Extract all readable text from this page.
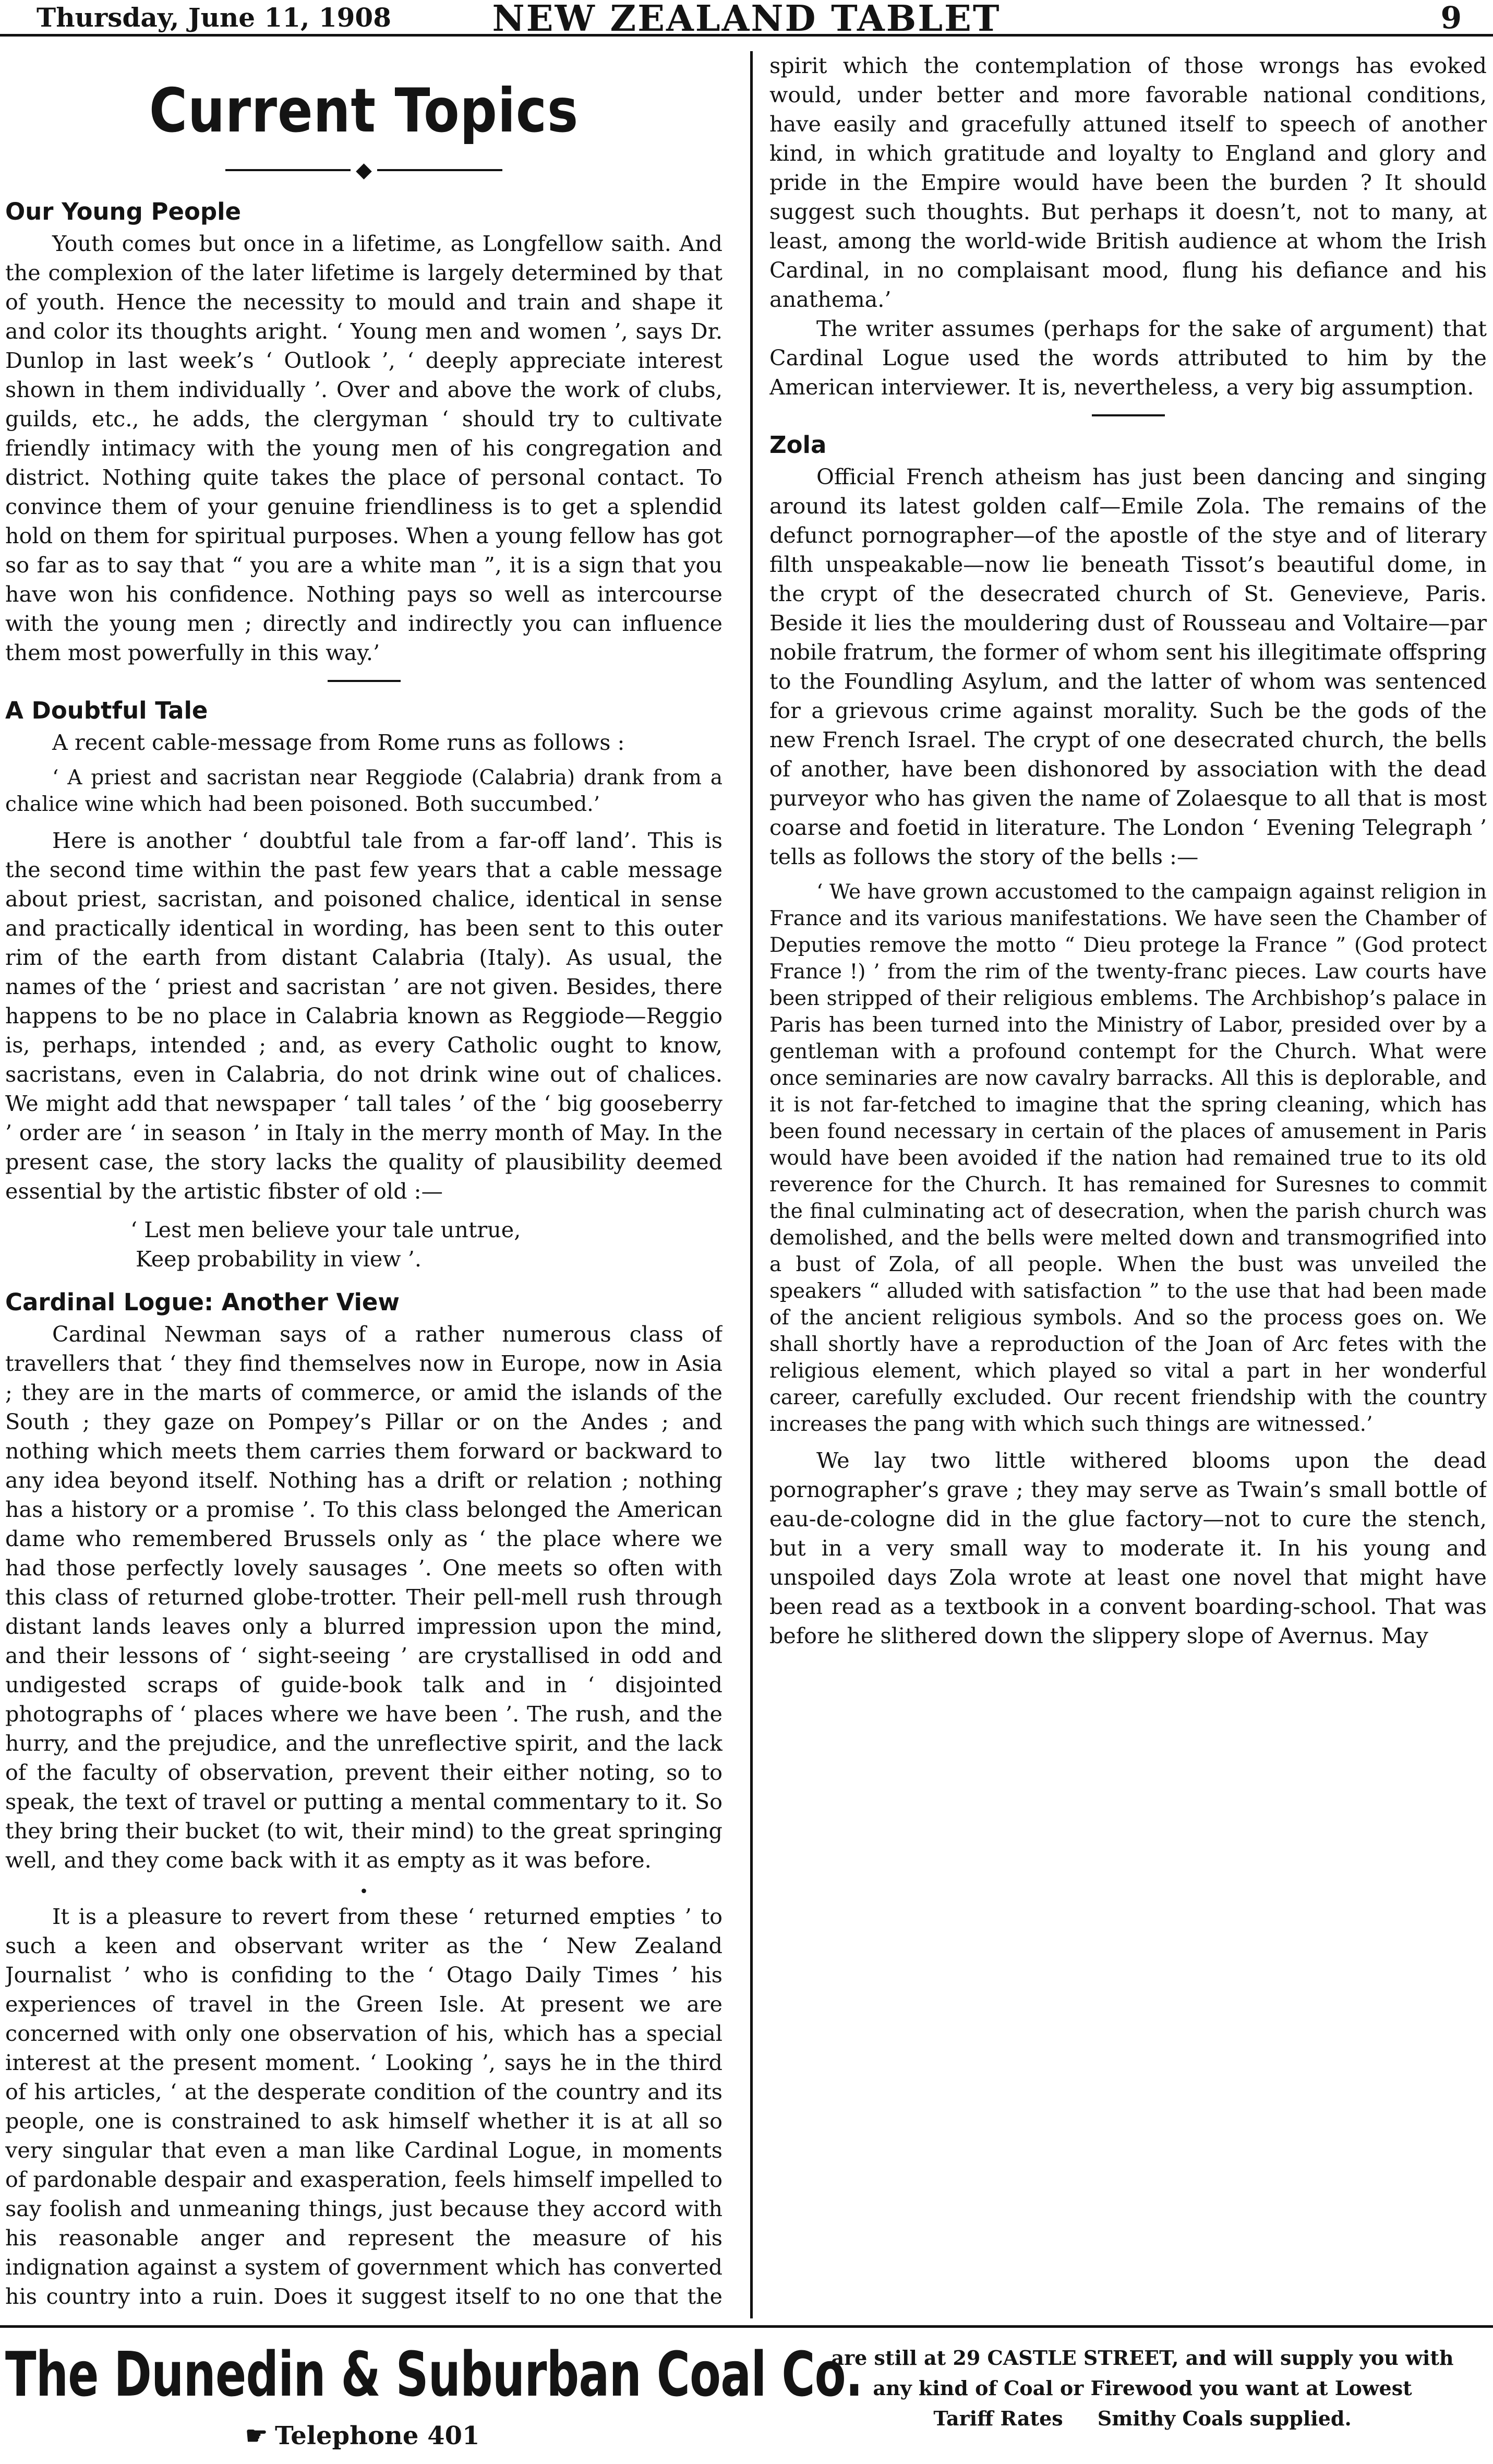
Thursday, June 11, 1908	NEW ZEALAND TABLET	9
Current Topics
◆
Our Young People

Youth comes but once in a lifetime, as Longfellow saith. And the complexion of the later lifetime is largely determined by that of youth. Hence the necessity to mould and train and shape it and color its thoughts aright. ‘ Young men and women ’, says Dr. Dunlop in last week’s ‘ Outlook ’, ‘ deeply appreciate interest shown in them individually ’. Over and above the work of clubs, guilds, etc., he adds, the clergyman ‘ should try to cultivate friendly intimacy with the young men of his congregation and district. Nothing quite takes the place of personal contact. To convince them of your genuine friendliness is to get a splendid hold on them for spiritual purposes. When a young fellow has got so far as to say that “ you are a white man ”, it is a sign that you have won his confidence. Nothing pays so well as intercourse with the young men ; directly and indirectly you can influence them most powerfully in this way.’

A Doubtful Tale

A recent cable-message from Rome runs as follows :

‘ A priest and sacristan near Reggiode (Calabria) drank from a chalice wine which had been poisoned. Both succumbed.’

Here is another ‘ doubtful tale from a far-off land’. This is the second time within the past few years that a cable message about priest, sacristan, and poisoned chalice, identical in sense and practically identical in wording, has been sent to this outer rim of the earth from distant Calabria (Italy). As usual, the names of the ‘ priest and sacristan ’ are not given. Besides, there happens to be no place in Calabria known as Reggiode—Reggio is, perhaps, intended ; and, as every Catholic ought to know, sacristans, even in Calabria, do not drink wine out of chalices. We might add that newspaper ‘ tall tales ’ of the ‘ big gooseberry ’ order are ‘ in season ’ in Italy in the merry month of May. In the present case, the story lacks the quality of plausibility deemed essential by the artistic fibster of old :—

‘ Lest men believe your tale untrue,
Keep probability in view ’.
Cardinal Logue: Another View

Cardinal Newman says of a rather numerous class of travellers that ‘ they find themselves now in Europe, now in Asia ; they are in the marts of commerce, or amid the islands of the South ; they gaze on Pompey’s Pillar or on the Andes ; and nothing which meets them carries them forward or backward to any idea beyond itself. Nothing has a drift or relation ; nothing has a history or a promise ’. To this class belonged the American dame who remembered Brussels only as ‘ the place where we had those perfectly lovely sausages ’. One meets so often with this class of returned globe-trotter. Their pell-mell rush through distant lands leaves only a blurred impression upon the mind, and their lessons of ‘ sight-seeing ’ are crystallised in odd and undigested scraps of guide-book talk and in ‘ disjointed photographs of ‘ places where we have been ’. The rush, and the hurry, and the prejudice, and the unreflective spirit, and the lack of the faculty of observation, prevent their either noting, so to speak, the text of travel or putting a mental commentary to it. So they bring their bucket (to wit, their mind) to the great springing well, and they come back with it as empty as it was before.

•

It is a pleasure to revert from these ‘ returned empties ’ to such a keen and observant writer as the ‘ New Zealand Journalist ’ who is confiding to the ‘ Otago Daily Times ’ his experiences of travel in the Green Isle. At present we are concerned with only one observation of his, which has a special interest at the present moment. ‘ Looking ’, says he in the third of his articles, ‘ at the desperate condition of the country and its people, one is constrained to ask himself whether it is at all so very singular that even a man like Cardinal Logue, in moments of pardonable despair and exasperation, feels himself impelled to say foolish and unmeaning things, just because they accord with his reasonable anger and represent the measure of his indignation against a system of government which has converted his country into a ruin. Does it suggest itself to no one that the

spirit which the contemplation of those wrongs has evoked would, under better and more favorable national conditions, have easily and gracefully attuned itself to speech of another kind, in which gratitude and loyalty to England and glory and pride in the Empire would have been the burden ? It should suggest such thoughts. But perhaps it doesn’t, not to many, at least, among the world-wide British audience at whom the Irish Cardinal, in no complaisant mood, flung his defiance and his anathema.’

The writer assumes (perhaps for the sake of argument) that Cardinal Logue used the words attributed to him by the American interviewer. It is, nevertheless, a very big assumption.

Zola

Official French atheism has just been dancing and singing around its latest golden calf—Emile Zola. The remains of the defunct pornographer—of the apostle of the stye and of literary filth unspeakable—now lie beneath Tissot’s beautiful dome, in the crypt of the desecrated church of St. Genevieve, Paris. Beside it lies the mouldering dust of Rousseau and Voltaire—par nobile fratrum, the former of whom sent his illegitimate offspring to the Foundling Asylum, and the latter of whom was sentenced for a grievous crime against morality. Such be the gods of the new French Israel. The crypt of one desecrated church, the bells of another, have been dishonored by association with the dead purveyor who has given the name of Zolaesque to all that is most coarse and foetid in literature. The London ‘ Evening Telegraph ’ tells as follows the story of the bells :—

‘ We have grown accustomed to the campaign against religion in France and its various manifestations. We have seen the Chamber of Deputies remove the motto “ Dieu protege la France ” (God protect France !) ’ from the rim of the twenty-franc pieces. Law courts have been stripped of their religious emblems. The Archbishop’s palace in Paris has been turned into the Ministry of Labor, presided over by a gentleman with a profound contempt for the Church. What were once seminaries are now cavalry barracks. All this is deplorable, and it is not far-fetched to imagine that the spring cleaning, which has been found necessary in certain of the places of amusement in Paris would have been avoided if the nation had remained true to its old reverence for the Church. It has remained for Suresnes to commit the final culminating act of desecration, when the parish church was demolished, and the bells were melted down and transmogrified into a bust of Zola, of all people. When the bust was unveiled the speakers “ alluded with satisfaction ” to the use that had been made of the ancient religious symbols. And so the process goes on. We shall shortly have a reproduction of the Joan of Arc fetes with the religious element, which played so vital a part in her wonderful career, carefully excluded. Our recent friendship with the country increases the pang with which such things are witnessed.’

We lay two little withered blooms upon the dead pornographer’s grave ; they may serve as Twain’s small bottle of eau-de-cologne did in the glue factory—not to cure the stench, but in a very small way to moderate it. In his young and unspoiled days Zola wrote at least one novel that might have been read as a textbook in a convent boarding-school. That was before he slithered down the slippery slope of Avernus. May

The Dunedin & Suburban Coal Co.
☛ Telephone 401
are still at 29 CASTLE STREET, and will supply you with
any kind of Coal or Firewood you want at Lowest
Tariff Rates     Smithy Coals supplied.
